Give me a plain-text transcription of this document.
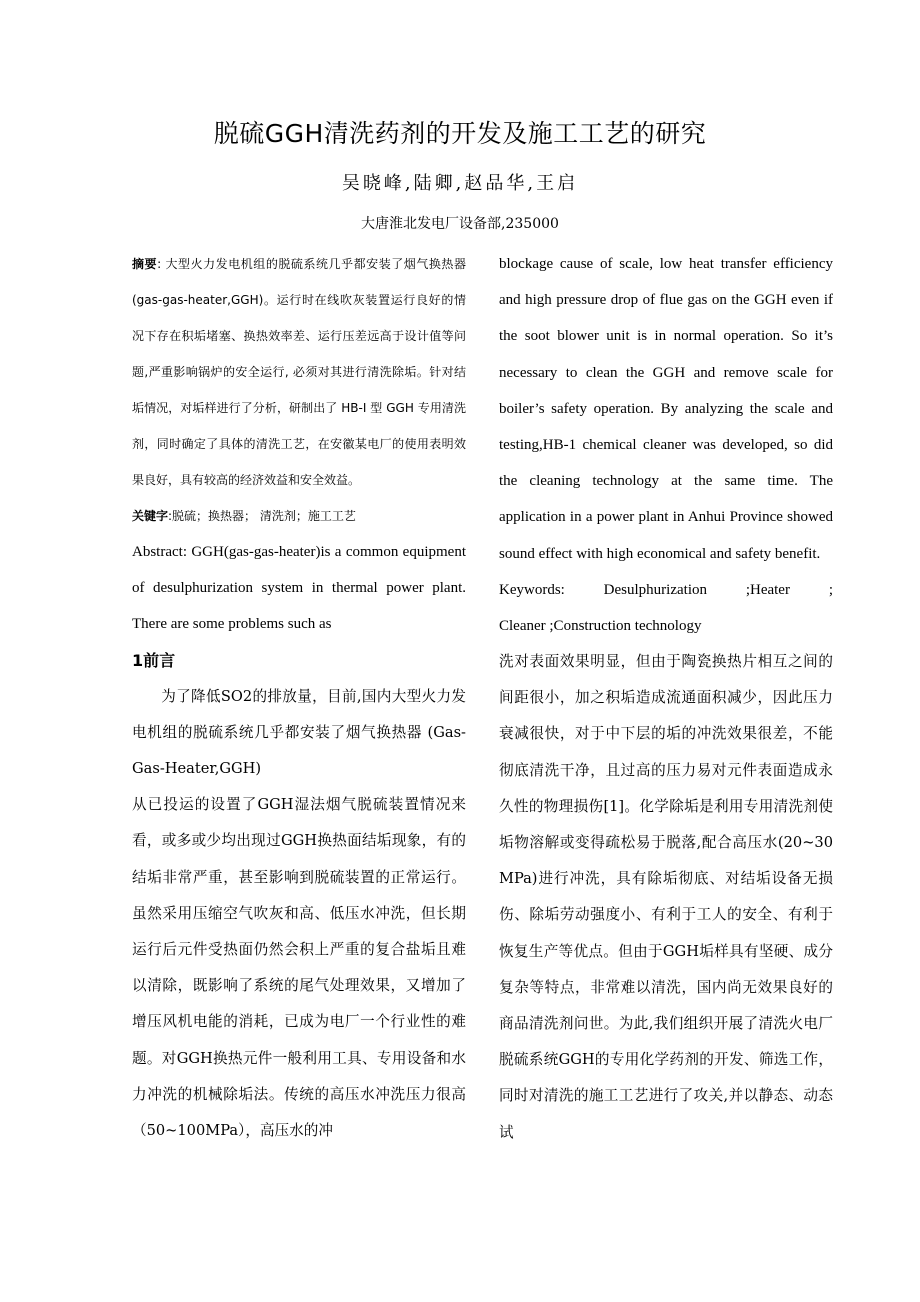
脱硫GGH清洗药剂的开发及施工工艺的研究
吴晓峰,陆卿,赵品华,王启
大唐淮北发电厂设备部,235000

摘要: 大型火力发电机组的脱硫系统几乎都安装了烟气换热器 (gas-gas-heater,GGH)。运行时在线吹灰装置运行良好的情况下存在积垢堵塞、换热效率差、运行压差远高于设计值等问题,严重影响锅炉的安全运行, 必须对其进行清洗除垢。针对结垢情况，对垢样进行了分析，研制出了 HB-I 型 GGH 专用清洗剂，同时确定了具体的清洗工艺，在安徽某电厂的使用表明效果良好，具有较高的经济效益和安全效益。

关键字:脱硫；换热器； 清洗剂；施工工艺

Abstract: GGH(gas-gas-heater)is a common equipment of desulphurization system in thermal power plant. There are some problems such as

1前言

为了降低SO2的排放量，目前,国内大型火力发电机组的脱硫系统几乎都安装了烟气换热器 (Gas-Gas-Heater,GGH)

从已投运的设置了GGH湿法烟气脱硫装置情况来看，或多或少均出现过GGH换热面结垢现象，有的结垢非常严重，甚至影响到脱硫装置的正常运行。虽然采用压缩空气吹灰和高、低压水冲洗，但长期运行后元件受热面仍然会积上严重的复合盐垢且难以清除，既影响了系统的尾气处理效果，又增加了增压风机电能的消耗，已成为电厂一个行业性的难题。对GGH换热元件一般利用工具、专用设备和水力冲洗的机械除垢法。传统的高压水冲洗压力很高（50~100MPa），高压水的冲

blockage cause of scale, low heat transfer efficiency and high pressure drop of flue gas on the GGH even if the soot blower unit is in normal operation. So it’s necessary to clean the GGH and remove scale for boiler’s safety operation. By analyzing the scale and testing,HB-1 chemical cleaner was developed, so did the cleaning technology at the same time. The application in a power plant in Anhui Province showed sound effect with high economical and safety benefit.

Keywords:	Desulphurization	;Heater	;

Cleaner ;Construction technology

洗对表面效果明显，但由于陶瓷换热片相互之间的间距很小，加之积垢造成流通面积减少，因此压力衰减很快，对于中下层的垢的冲洗效果很差，不能彻底清洗干净，且过高的压力易对元件表面造成永久性的物理损伤[1]。化学除垢是利用专用清洗剂使垢物溶解或变得疏松易于脱落,配合高压水(20~30 MPa)进行冲洗，具有除垢彻底、对结垢设备无损伤、除垢劳动强度小、有利于工人的安全、有利于恢复生产等优点。但由于GGH垢样具有坚硬、成分复杂等特点，非常难以清洗，国内尚无效果良好的商品清洗剂问世。为此,我们组织开展了清洗火电厂脱硫系统GGH的专用化学药剂的开发、筛选工作，同时对清洗的施工工艺进行了攻关,并以静态、动态试
